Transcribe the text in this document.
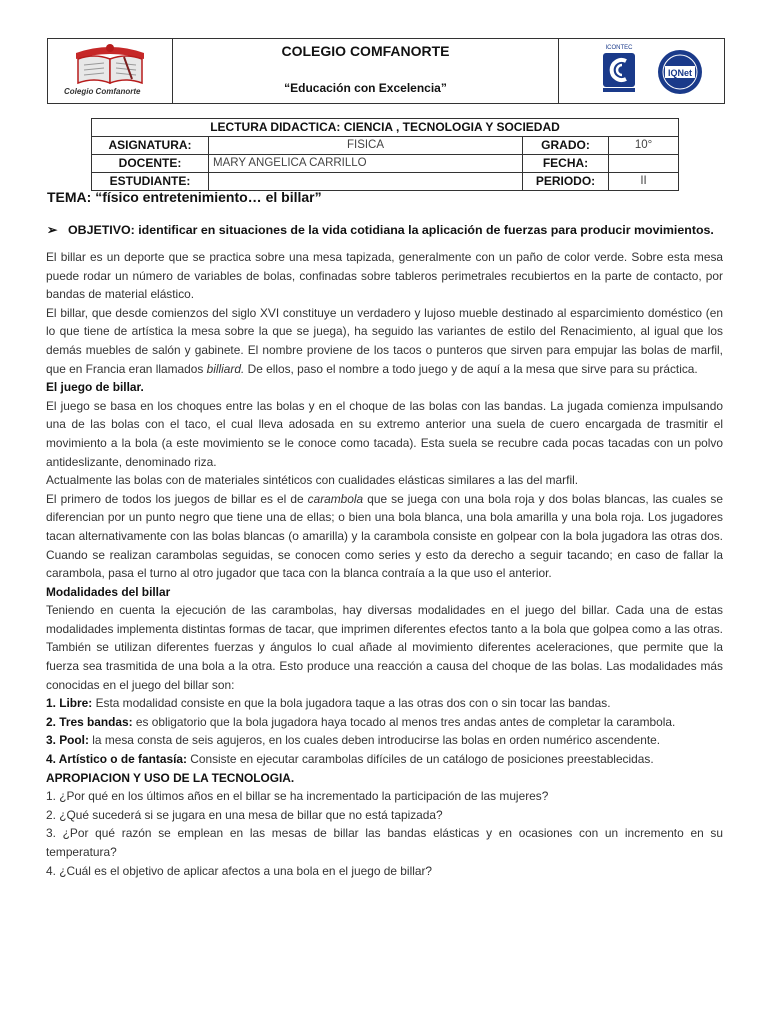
Colegio Comfanorte
COLEGIO COMFANORTE
“Educación con Excelencia”
ICONTEC
IQNet
LECTURA DIDACTICA: CIENCIA , TECNOLOGIA Y SOCIEDAD			
ASIGNATURA:	FISICA	GRADO:	10°
DOCENTE:	MARY ANGELICA CARRILLO	FECHA:	
ESTUDIANTE:		PERIODO:	II
TEMA: “físico entretenimiento… el billar”
➢ OBJETIVO: identificar en situaciones de la vida cotidiana la aplicación de fuerzas para producir movimientos.

El billar es un deporte que se practica sobre una mesa tapizada, generalmente con un paño de color verde. Sobre esta mesa puede rodar un número de variables de bolas, confinadas sobre tableros perimetrales recubiertos en la parte de contacto, por bandas de material elástico.

El billar, que desde comienzos del siglo XVI constituye un verdadero y lujoso mueble destinado al esparcimiento doméstico (en lo que tiene de artística la mesa sobre la que se juega), ha seguido las variantes de estilo del Renacimiento, al igual que los demás muebles de salón y gabinete. El nombre proviene de los tacos o punteros que sirven para empujar las bolas de marfil, que en Francia eran llamados billiard. De ellos, paso el nombre a todo juego y de aquí a la mesa que sirve para su práctica.

El juego de billar.

El juego se basa en los choques entre las bolas y en el choque de las bolas con las bandas. La jugada comienza impulsando una de las bolas con el taco, el cual lleva adosada en su extremo anterior una suela de cuero encargada de trasmitir el movimiento a la bola (a este movimiento se le conoce como tacada). Esta suela se recubre cada pocas tacadas con un polvo antideslizante, denominado riza.

Actualmente las bolas con de materiales sintéticos con cualidades elásticas similares a las del marfil.

El primero de todos los juegos de billar es el de carambola que se juega con una bola roja y dos bolas blancas, las cuales se diferencian por un punto negro que tiene una de ellas; o bien una bola blanca, una bola amarilla y una bola roja. Los jugadores tacan alternativamente con las bolas blancas (o amarilla) y la carambola consiste en golpear con la bola jugadora las otras dos. Cuando se realizan carambolas seguidas, se conocen como series y esto da derecho a seguir tacando; en caso de fallar la carambola, pasa el turno al otro jugador que taca con la blanca contraía a la que uso el anterior.

Modalidades del billar

Teniendo en cuenta la ejecución de las carambolas, hay diversas modalidades en el juego del billar. Cada una de estas modalidades implementa distintas formas de tacar, que imprimen diferentes efectos tanto a la bola que golpea como a las otras. También se utilizan diferentes fuerzas y ángulos lo cual añade al movimiento diferentes aceleraciones, que permite que la fuerza sea trasmitida de una bola a la otra. Esto produce una reacción a causa del choque de las bolas. Las modalidades más conocidas en el juego del billar son:

1. Libre: Esta modalidad consiste en que la bola jugadora taque a las otras dos con o sin tocar las bandas.

2. Tres bandas: es obligatorio que la bola jugadora haya tocado al menos tres andas antes de completar la carambola.

3. Pool: la mesa consta de seis agujeros, en los cuales deben introducirse las bolas en orden numérico ascendente.

4. Artístico o de fantasía: Consiste en ejecutar carambolas difíciles de un catálogo de posiciones preestablecidas.

APROPIACION Y USO DE LA TECNOLOGIA.

1. ¿Por qué en los últimos años en el billar se ha incrementado la participación de las mujeres?

2. ¿Qué sucederá si se jugara en una mesa de billar que no está tapizada?

3. ¿Por qué razón se emplean en las mesas de billar las bandas elásticas y en ocasiones con un incremento en su temperatura?

4. ¿Cuál es el objetivo de aplicar afectos a una bola en el juego de billar?
